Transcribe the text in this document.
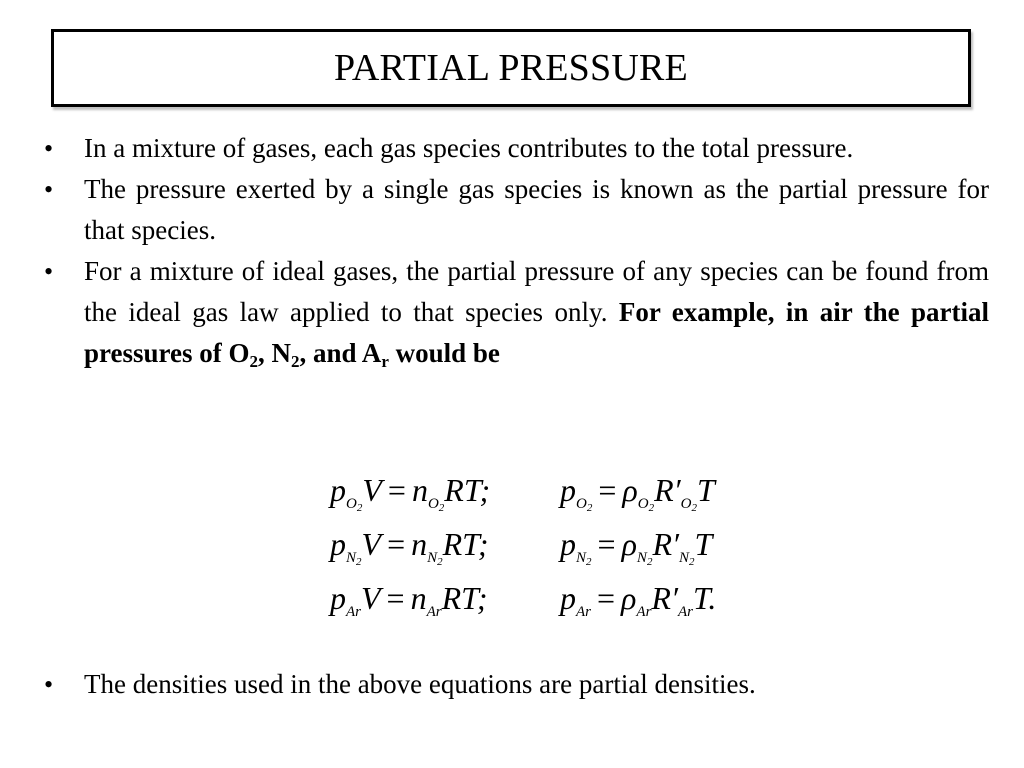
PARTIAL PRESSURE
•	In a mixture of gases, each gas species contributes to the total pressure.
•	The pressure exerted by a single gas species is known as the partial pressure for that species.
•	For a mixture of ideal gases, the partial pressure of any species can be found from the ideal gas law applied to that species only. For example, in air the partial pressures of $O_2$, $N_2$, and $A_r$ would be
$p_{O_2}V = n_{O_2}RT$;	$p_{O_2} = \rho_{O_2}R'_{O_2}T$
$p_{N_2}V = n_{N_2}RT$;	$p_{N_2} = \rho_{N_2}R'_{N_2}T$
$p_{Ar}V = n_{Ar}RT$;	$p_{Ar} = \rho_{Ar}R'_{Ar}T$.
•	The densities used in the above equations are partial densities.
